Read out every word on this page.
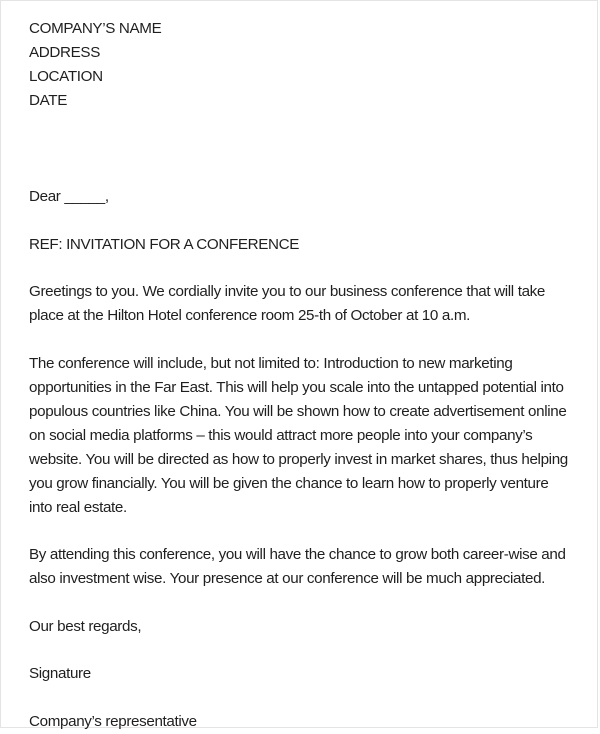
COMPANY’S NAME
ADDRESS
LOCATION
DATE

Dear _____,

REF: INVITATION FOR A CONFERENCE

Greetings to you. We cordially invite you to our business conference that will take place at the Hilton Hotel conference room 25-th of October at 10 a.m.

The conference will include, but not limited to: Introduction to new marketing opportunities in the Far East. This will help you scale into the untapped potential into populous countries like China. You will be shown how to create advertisement online on social media platforms – this would attract more people into your company’s website. You will be directed as how to properly invest in market shares, thus helping you grow financially. You will be given the chance to learn how to properly venture into real estate.

By attending this conference, you will have the chance to grow both career-wise and also investment wise. Your presence at our conference will be much appreciated.

Our best regards,

Signature

Company’s representative
